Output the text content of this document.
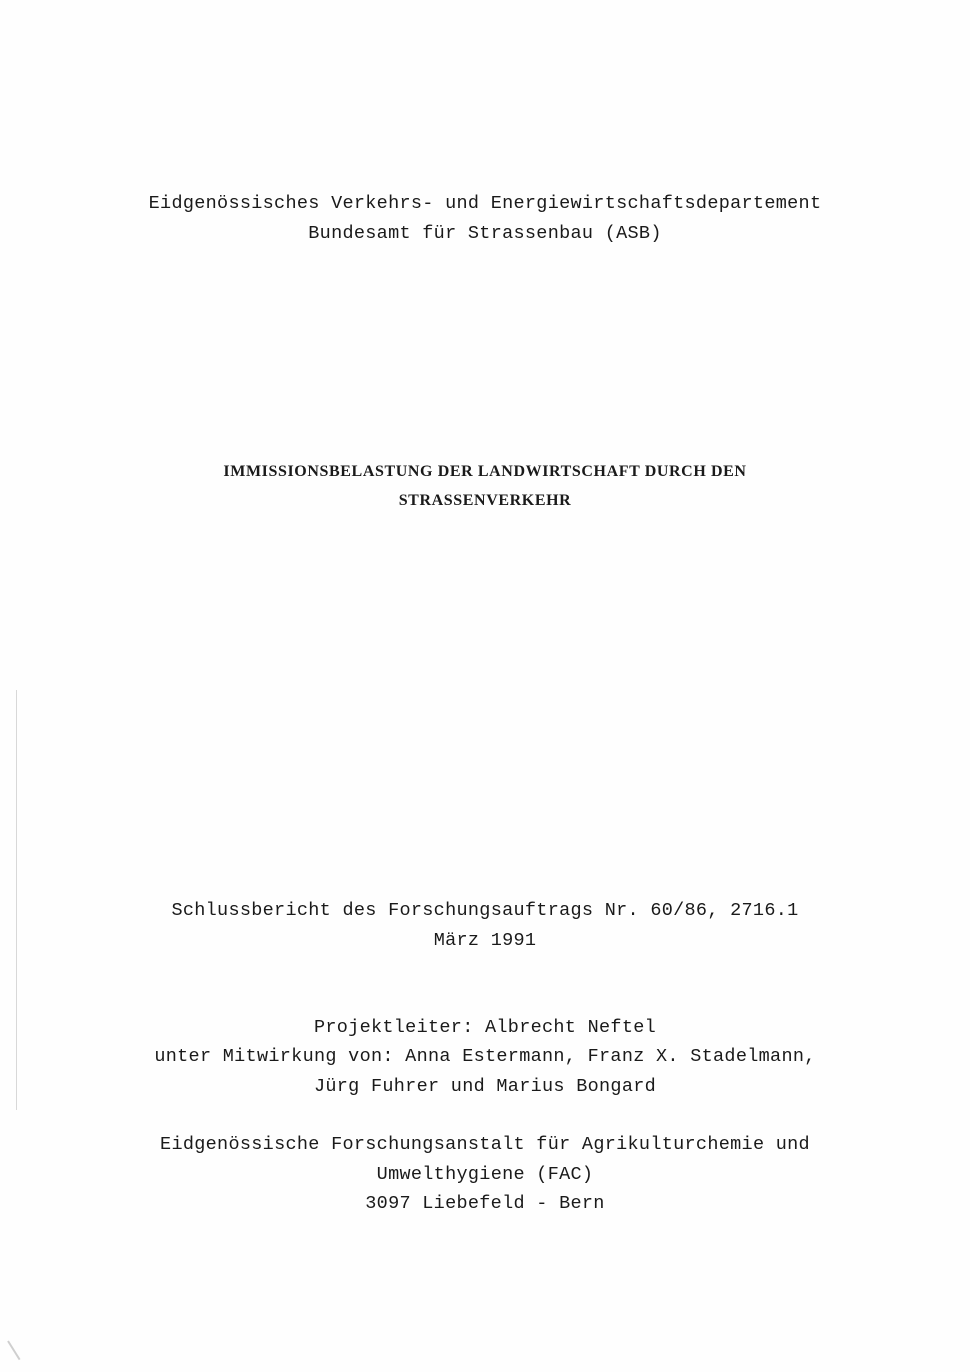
Eidgenössisches Verkehrs- und Energiewirtschaftsdepartement
Bundesamt für Strassenbau (ASB)
IMMISSIONSBELASTUNG DER LANDWIRTSCHAFT DURCH DEN
STRASSENVERKEHR
Schlussbericht des Forschungsauftrags Nr. 60/86, 2716.1
März 1991
Projektleiter: Albrecht Neftel
unter Mitwirkung von: Anna Estermann, Franz X. Stadelmann,
Jürg Fuhrer und Marius Bongard
Eidgenössische Forschungsanstalt für Agrikulturchemie und
Umwelthygiene (FAC)
3097 Liebefeld - Bern
